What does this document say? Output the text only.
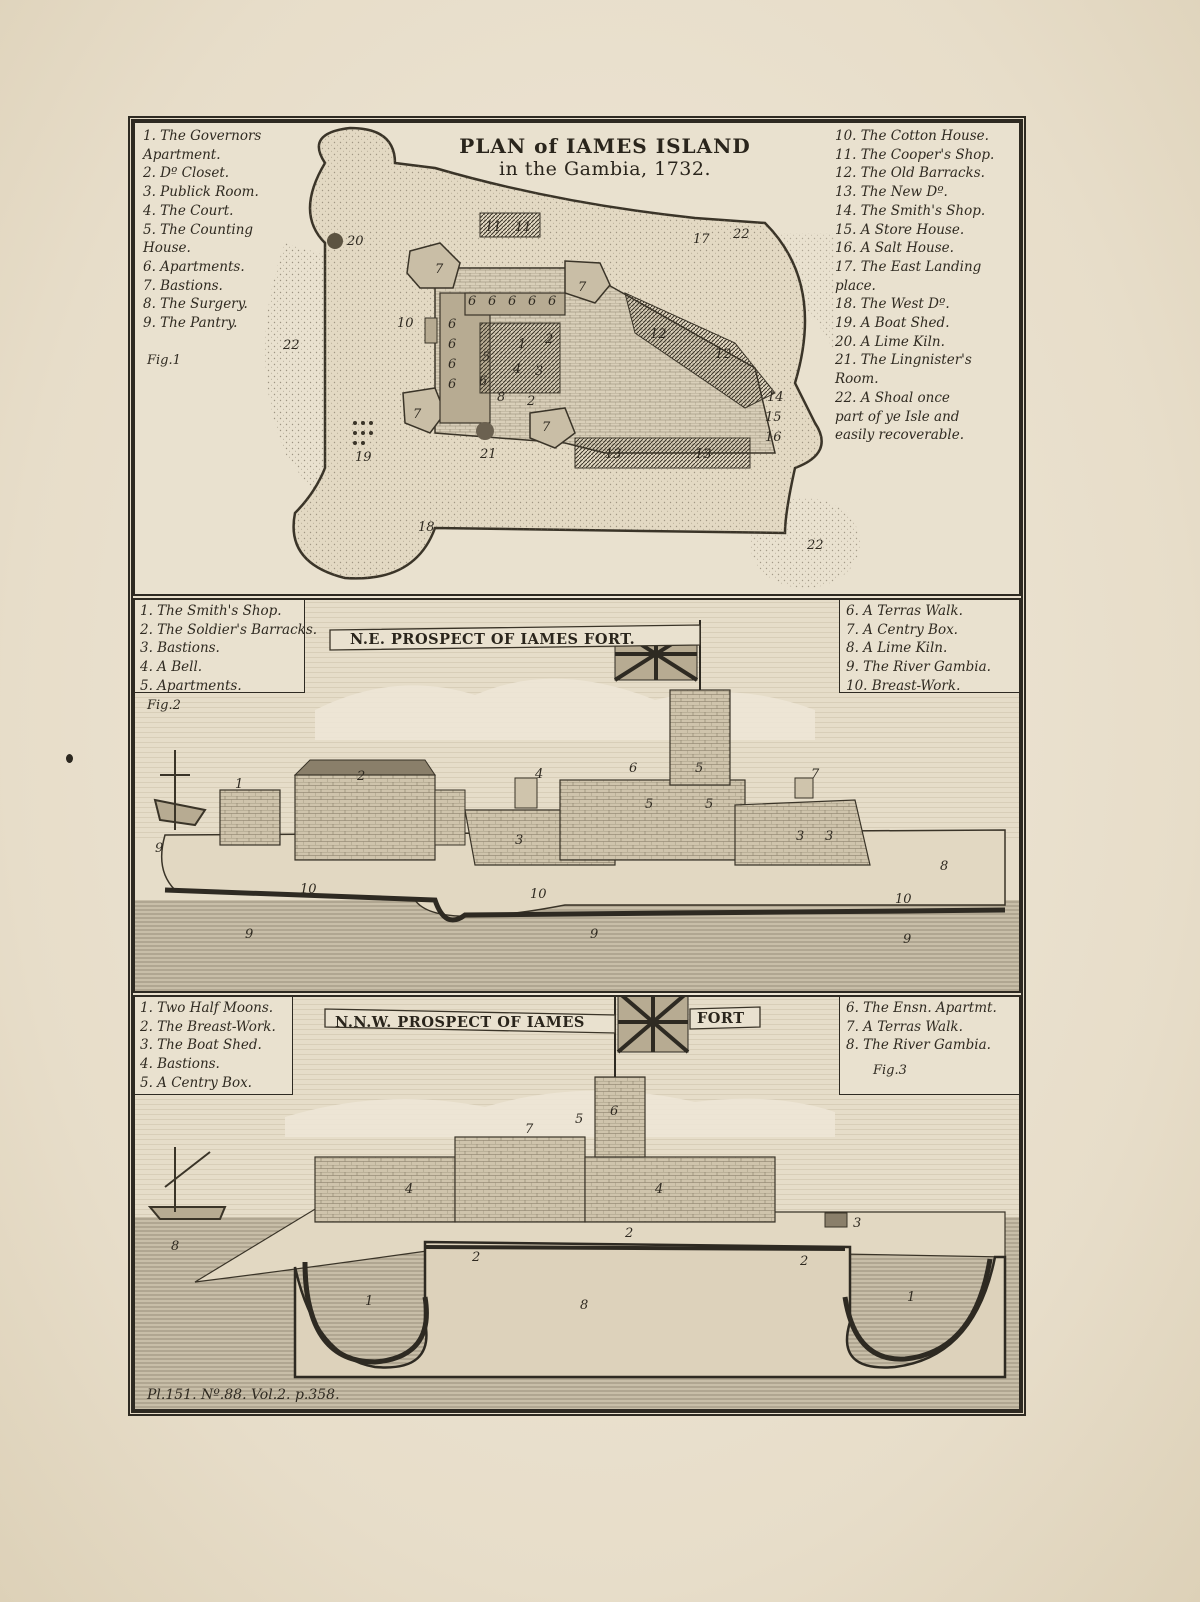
11 11
20	22
17
22
7
7
6 6 6 6 6
6
6
6
10
6
2
1
5
4 3
6
8 2
12
12
14
15
16
7
7
19	21	13	13
18
22
1. The Governors
Apartment.
2. Dº Closet.
3. Publick Room.
4. The Court.
5. The Counting
House.
6. Apartments.
7. Bastions.
8. The Surgery.
9. The Pantry.
PLAN of IAMES ISLAND
in the Gambia, 1732.
10. The Cotton House.
11. The Cooper's Shop.
12. The Old Barracks.
13. The New Dº.
14. The Smith's Shop.
15. A Store House.
16. A Salt House.
17. The East Landing
place.
18. The West Dº.
19. A Boat Shed.
20. A Lime Kiln.
21. The Lingnister's
Room.
22. A Shoal once
part of ye Isle and
easily recoverable.
Fig.1
1
2	4	6	5	7
3
5	5
3 3
9
8
10	10	10
9	9	9
N.E. PROSPECT OF IAMES FORT.
1. The Smith's Shop.
2. The Soldier's Barracks.
3. Bastions.
4. A Bell.
5. Apartments.
6. A Terras Walk.
7. A Centry Box.
8. A Lime Kiln.
9. The River Gambia.
10. Breast-Work.
Fig.2
7
5
6
4	4
3
2
2	2
8
1
8
1
N.N.W. PROSPECT OF IAMES	FORT
1. Two Half Moons.
2. The Breast-Work.
3. The Boat Shed.
4. Bastions.
5. A Centry Box.
6. The Ensn. Apartmt.
7. A Terras Walk.
8. The River Gambia.
Fig.3
Pl.151. Nº.88. Vol.2. p.358.
